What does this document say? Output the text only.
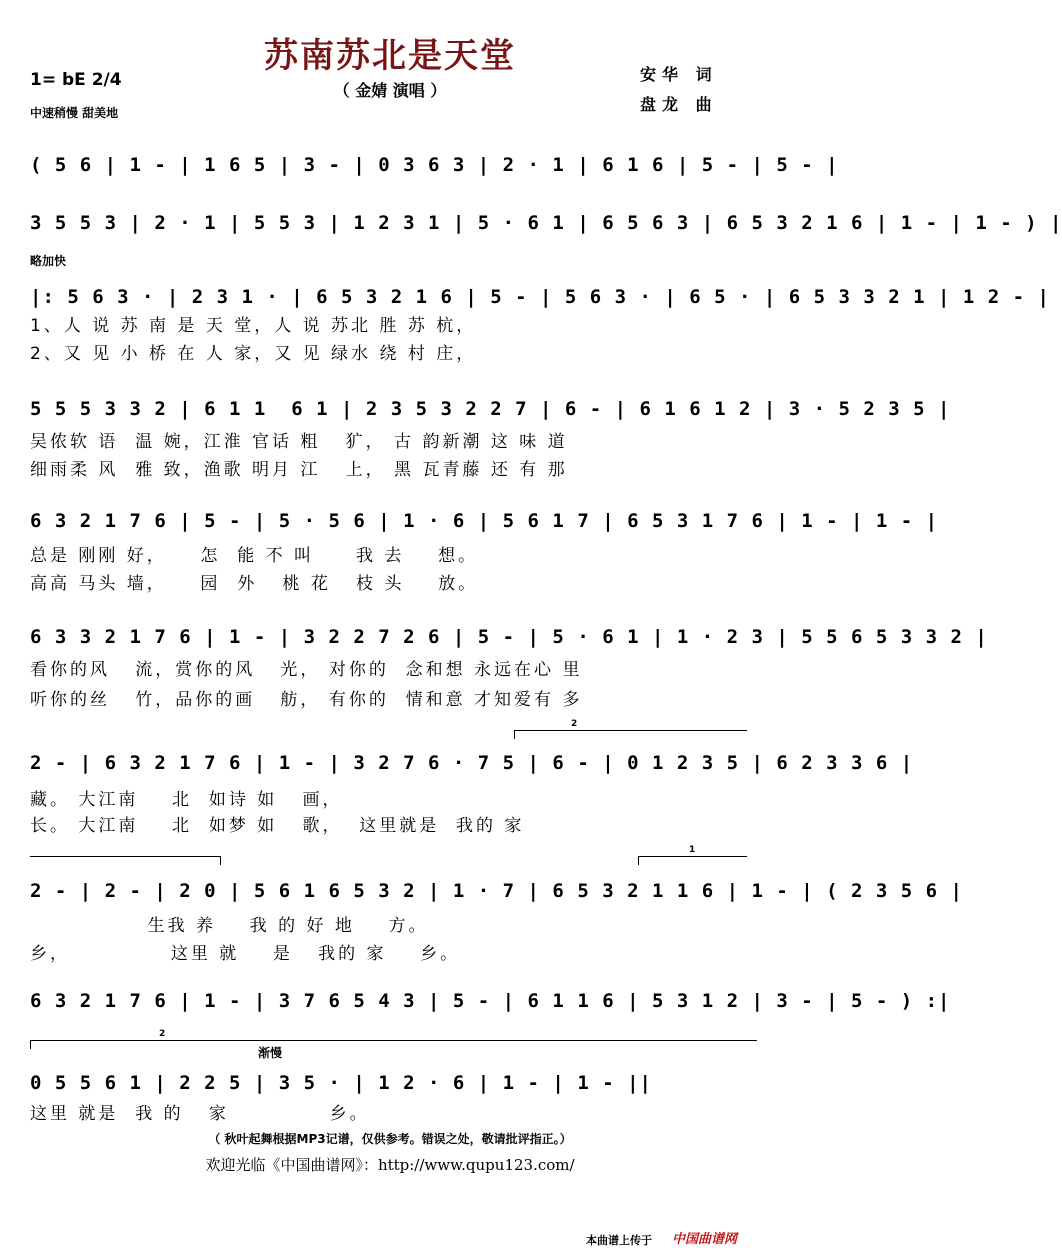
苏南苏北是天堂
（ 金婧 演唱 ）
安华 词
盘龙 曲
1= bE 2/4
中速稍慢 甜美地
( 5 6 | 1 - | 1 6 5 | 3 - | 0 3 6 3 | 2 · 1 | 6 1 6 | 5 - | 5 - |
3 5 5 3 | 2 · 1 | 5 5 3 | 1 2 3 1 | 5 · 6 1 | 6 5 6 3 | 6 5 3 2 1 6 | 1 - | 1 - ) |
略加快
|: 5 6 3 · | 2 3 1 · | 6 5 3 2 1 6 | 5 - | 5 6 3 · | 6 5 · | 6 5 3 3 2 1 | 1 2 - |
1、人 说 苏 南 是 天 堂，人 说 苏北 胜 苏 杭，
2、又 见 小 桥 在 人 家，又 见 绿水 绕 村 庄，
5 5 5 3 3 2 | 6 1 1  6 1 | 2 3 5 3 2 2 7 | 6 - | 6 1 6 1 2 | 3 · 5 2 3 5 |
吴侬软 语  温 婉，江淮 官话 粗   犷， 古 韵新潮 这 味 道
细雨柔 风  雅 致，渔歌 明月 江   上， 黑 瓦青藤 还 有 那
6 3 2 1 7 6 | 5 - | 5 · 5 6 | 1 · 6 | 5 6 1 7 | 6 5 3 1 7 6 | 1 - | 1 - |
总是 刚刚 好，    怎  能 不 叫     我 去    想。
高高 马头 墙，    园  外   桃 花   枝 头    放。
6 3 3 2 1 7 6 | 1 - | 3 2 2 7 2 6 | 5 - | 5 · 6 1 | 1 · 2 3 | 5 5 6 5 3 3 2 |
看你的风   流，赏你的风   光， 对你的  念和想 永远在心 里
听你的丝   竹，品你的画   舫， 有你的  情和意 才知爱有 多
2
2 - | 6 3 2 1 7 6 | 1 - | 3 2 7 6 · 7 5 | 6 - | 0 1 2 3 5 | 6 2 3 3 6 |
藏。 大江南    北  如诗 如   画，
长。 大江南    北  如梦 如   歌，  这里就是  我的 家
1
2 - | 2 - | 2 0 | 5 6 1 6 5 3 2 | 1 · 7 | 6 5 3 2 1 1 6 | 1 - | ( 2 3 5 6 |
生我 养    我 的 好 地    方。
乡，            这里 就    是   我的 家    乡。
6 3 2 1 7 6 | 1 - | 3 7 6 5 4 3 | 5 - | 6 1 1 6 | 5 3 1 2 | 3 - | 5 - ) :|
2
渐慢
0 5 5 6 1 | 2 2 5 | 3 5 · | 1 2 · 6 | 1 - | 1 - ||
这里 就是  我 的   家            乡。
（ 秋叶起舞根据MP3记谱，仅供参考。错误之处，敬请批评指正。）
欢迎光临《中国曲谱网》：http://www.qupu123.com/
本曲谱上传于 中国曲谱网
